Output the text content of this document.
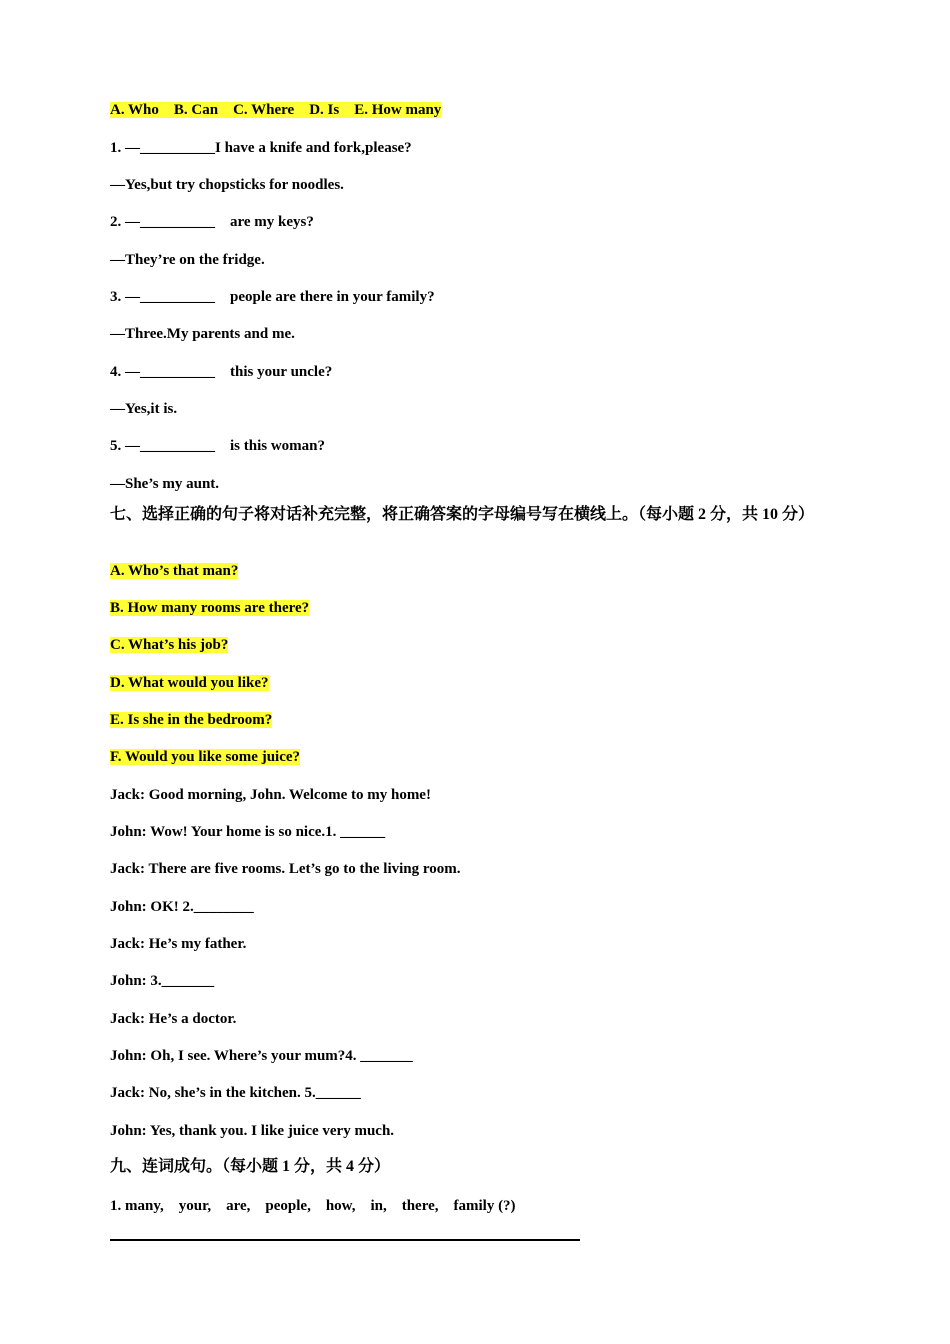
A. Who    B. Can    C. Where    D. Is    E. How many
1. —__________I have a knife and fork,please?
—Yes,but try chopsticks for noodles.
2. —__________    are my keys?
—They’re on the fridge.
3. —__________    people are there in your family?
—Three.My parents and me.
4. —__________    this your uncle?
—Yes,it is.
5. —__________    is this woman?
—She’s my aunt.
七、选择正确的句子将对话补充完整，将正确答案的字母编号写在横线上。（每小题 2 分，共 10 分）
A. Who’s that man?
B. How many rooms are there?
C. What’s his job?
D. What would you like?
E. Is she in the bedroom?
F. Would you like some juice?
Jack: Good morning, John. Welcome to my home!
John: Wow! Your home is so nice.1. ______
Jack: There are five rooms. Let’s go to the living room.
John: OK! 2.________
Jack: He’s my father.
John: 3._______
Jack: He’s a doctor.
John: Oh, I see. Where’s your mum?4. _______
Jack: No, she’s in the kitchen. 5.______
John: Yes, thank you. I like juice very much.
九、连词成句。（每小题 1 分，共 4 分）
1. many,    your,    are,    people,    how,    in,    there,    family (?)
